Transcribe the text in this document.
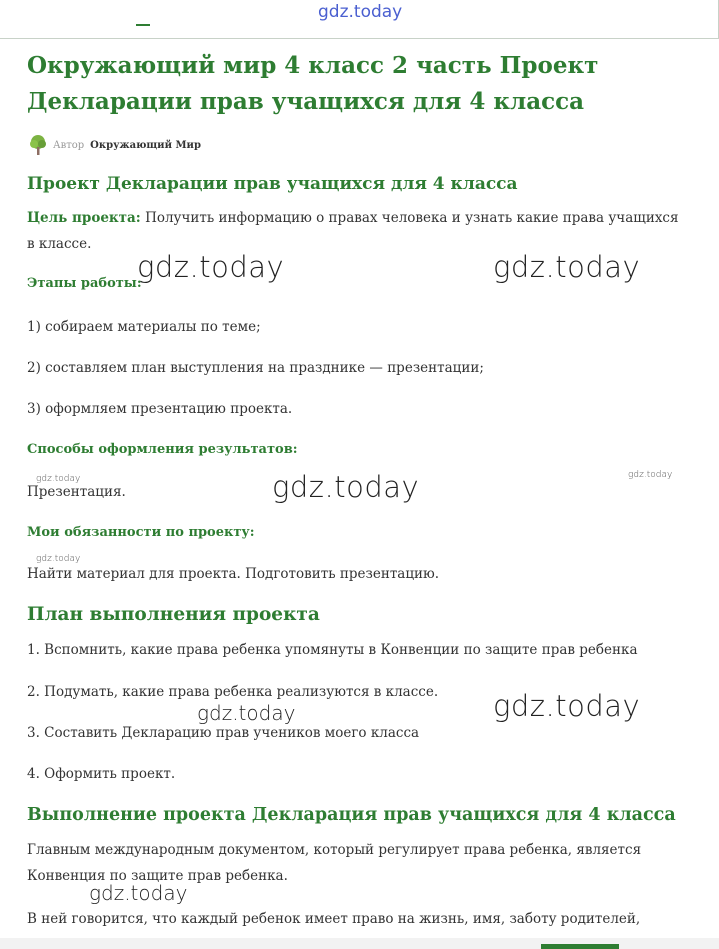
gdz.today
Окружающий мир 4 класс 2 часть Проект Декларации прав учащихся для 4 класса
Автор Окружающий Мир
Проект Декларации прав учащихся для 4 класса
Цель проекта: Получить информацию о правах человека и узнать какие права учащихся в классе.
Этапы работы:
1) собираем материалы по теме;
2) составляем план выступления на празднике — презентации;
3) оформляем презентацию проекта.
Способы оформления результатов:
Презентация.
Мои обязанности по проекту:
Найти материал для проекта. Подготовить презентацию.
План выполнения проекта
1. Вспомнить, какие права ребенка упомянуты в Конвенции по защите прав ребенка
2. Подумать, какие права ребенка реализуются в классе.
3. Составить Декларацию прав учеников моего класса
4. Оформить проект.
Выполнение проекта Декларация прав учащихся для 4 класса
Главным международным документом, который регулирует права ребенка, является Конвенция по защите прав ребенка.
В ней говорится, что каждый ребенок имеет право на жизнь, имя, заботу родителей,
gdz.today	gdz.today
gdz.today	gdz.today	gdz.today
gdz.today
gdz.today	gdz.today
gdz.today
